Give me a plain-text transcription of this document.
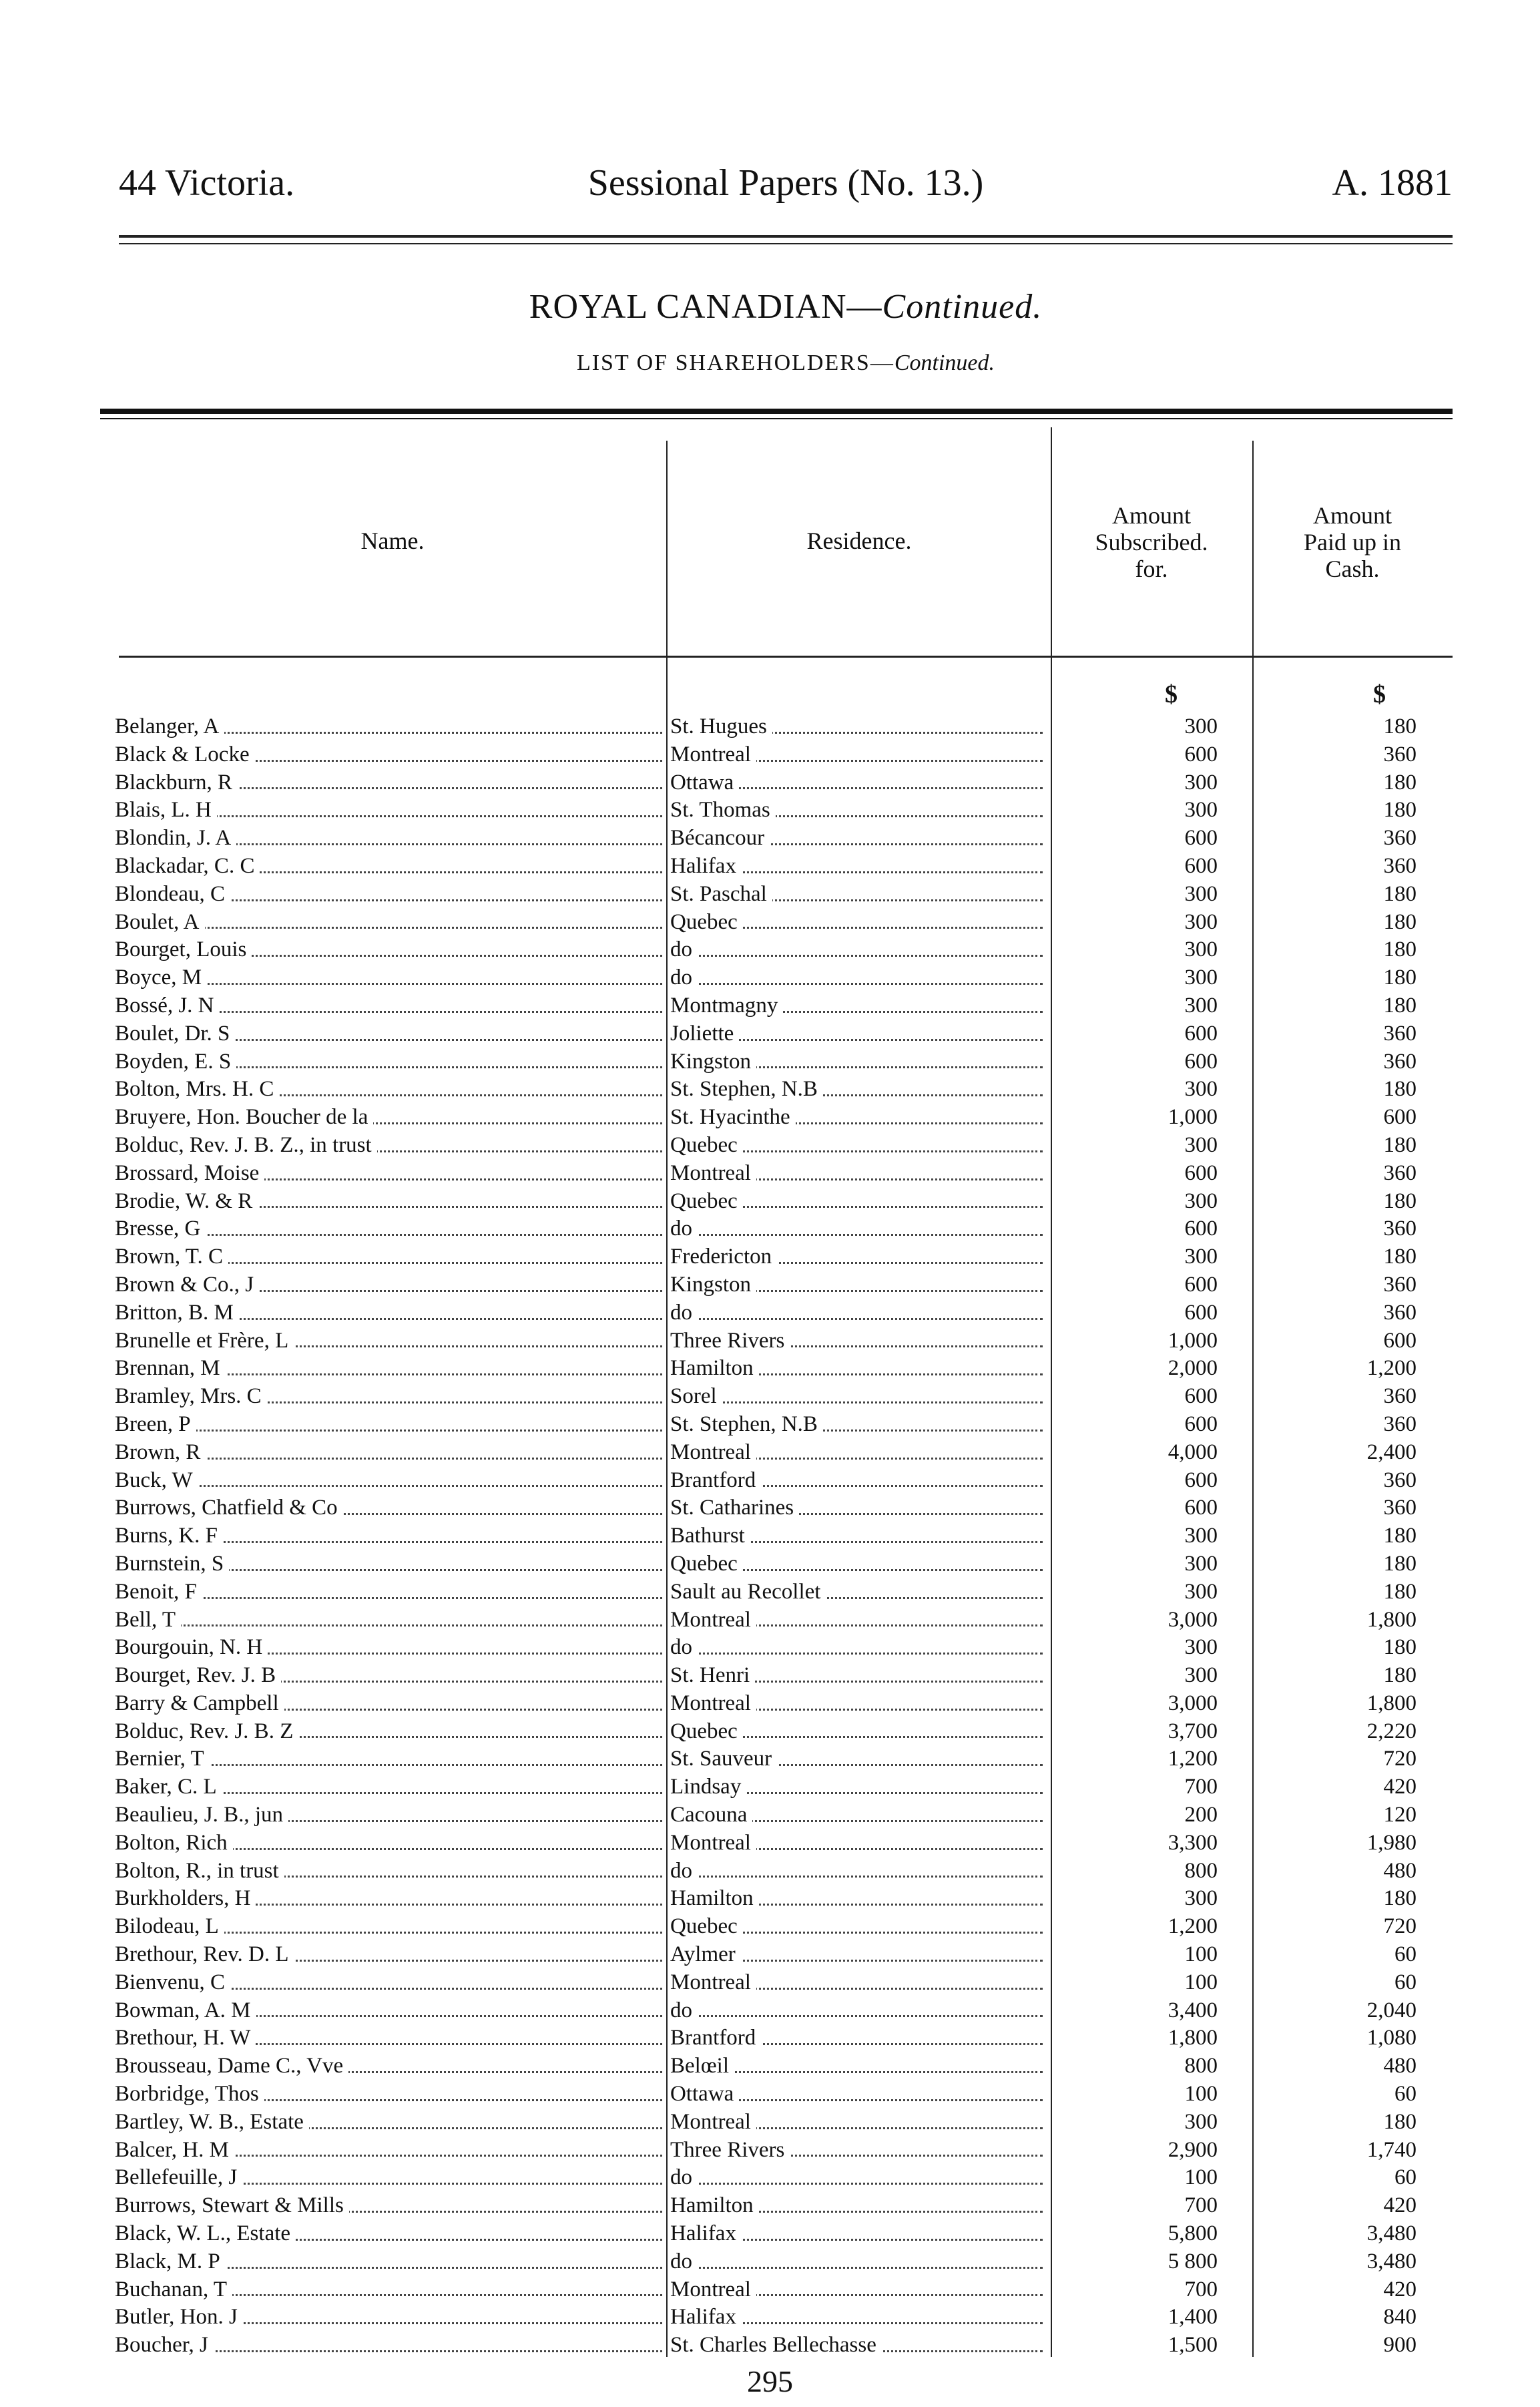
44 Victoria.	Sessional Papers (No. 13.)	A. 1881
ROYAL CANADIAN—Continued.
LIST OF SHAREHOLDERS—Continued.
Name.	Residence.
Amount
Subscribed.
for.
Amount
Paid up in
Cash.
$	$
Belanger, A	St. Hugues	300	180
Black & Locke	Montreal	600	360
Blackburn, R	Ottawa	300	180
Blais, L. H	St. Thomas	300	180
Blondin, J. A	Bécancour	600	360
Blackadar, C. C	Halifax	600	360
Blondeau, C	St. Paschal	300	180
Boulet, A	Quebec	300	180
Bourget, Louis	do	300	180
Boyce, M	do	300	180
Bossé, J. N	Montmagny	300	180
Boulet, Dr. S	Joliette	600	360
Boyden, E. S	Kingston	600	360
Bolton, Mrs. H. C	St. Stephen, N.B	300	180
Bruyere, Hon. Boucher de la	St. Hyacinthe	1,000	600
Bolduc, Rev. J. B. Z., in trust	Quebec	300	180
Brossard, Moise	Montreal	600	360
Brodie, W. & R	Quebec	300	180
Bresse, G	do	600	360
Brown, T. C	Fredericton	300	180
Brown & Co., J	Kingston	600	360
Britton, B. M	do	600	360
Brunelle et Frère, L	Three Rivers	1,000	600
Brennan, M	Hamilton	2,000	1,200
Bramley, Mrs. C	Sorel	600	360
Breen, P	St. Stephen, N.B	600	360
Brown, R	Montreal	4,000	2,400
Buck, W	Brantford	600	360
Burrows, Chatfield & Co	St. Catharines	600	360
Burns, K. F	Bathurst	300	180
Burnstein, S	Quebec	300	180
Benoit, F	Sault au Recollet	300	180
Bell, T	Montreal	3,000	1,800
Bourgouin, N. H	do	300	180
Bourget, Rev. J. B	St. Henri	300	180
Barry & Campbell	Montreal	3,000	1,800
Bolduc, Rev. J. B. Z	Quebec	3,700	2,220
Bernier, T	St. Sauveur	1,200	720
Baker, C. L	Lindsay	700	420
Beaulieu, J. B., jun	Cacouna	200	120
Bolton, Rich	Montreal	3,300	1,980
Bolton, R., in trust	do	800	480
Burkholders, H	Hamilton	300	180
Bilodeau, L	Quebec	1,200	720
Brethour, Rev. D. L	Aylmer	100	60
Bienvenu, C	Montreal	100	60
Bowman, A. M	do	3,400	2,040
Brethour, H. W	Brantford	1,800	1,080
Brousseau, Dame C., Vve	Belœil	800	480
Borbridge, Thos	Ottawa	100	60
Bartley, W. B., Estate	Montreal	300	180
Balcer, H. M	Three Rivers	2,900	1,740
Bellefeuille, J	do	100	60
Burrows, Stewart & Mills	Hamilton	700	420
Black, W. L., Estate	Halifax	5,800	3,480
Black, M. P	do	5 800	3,480
Buchanan, T	Montreal	700	420
Butler, Hon. J	Halifax	1,400	840
Boucher, J	St. Charles Bellechasse	1,500	900
295
